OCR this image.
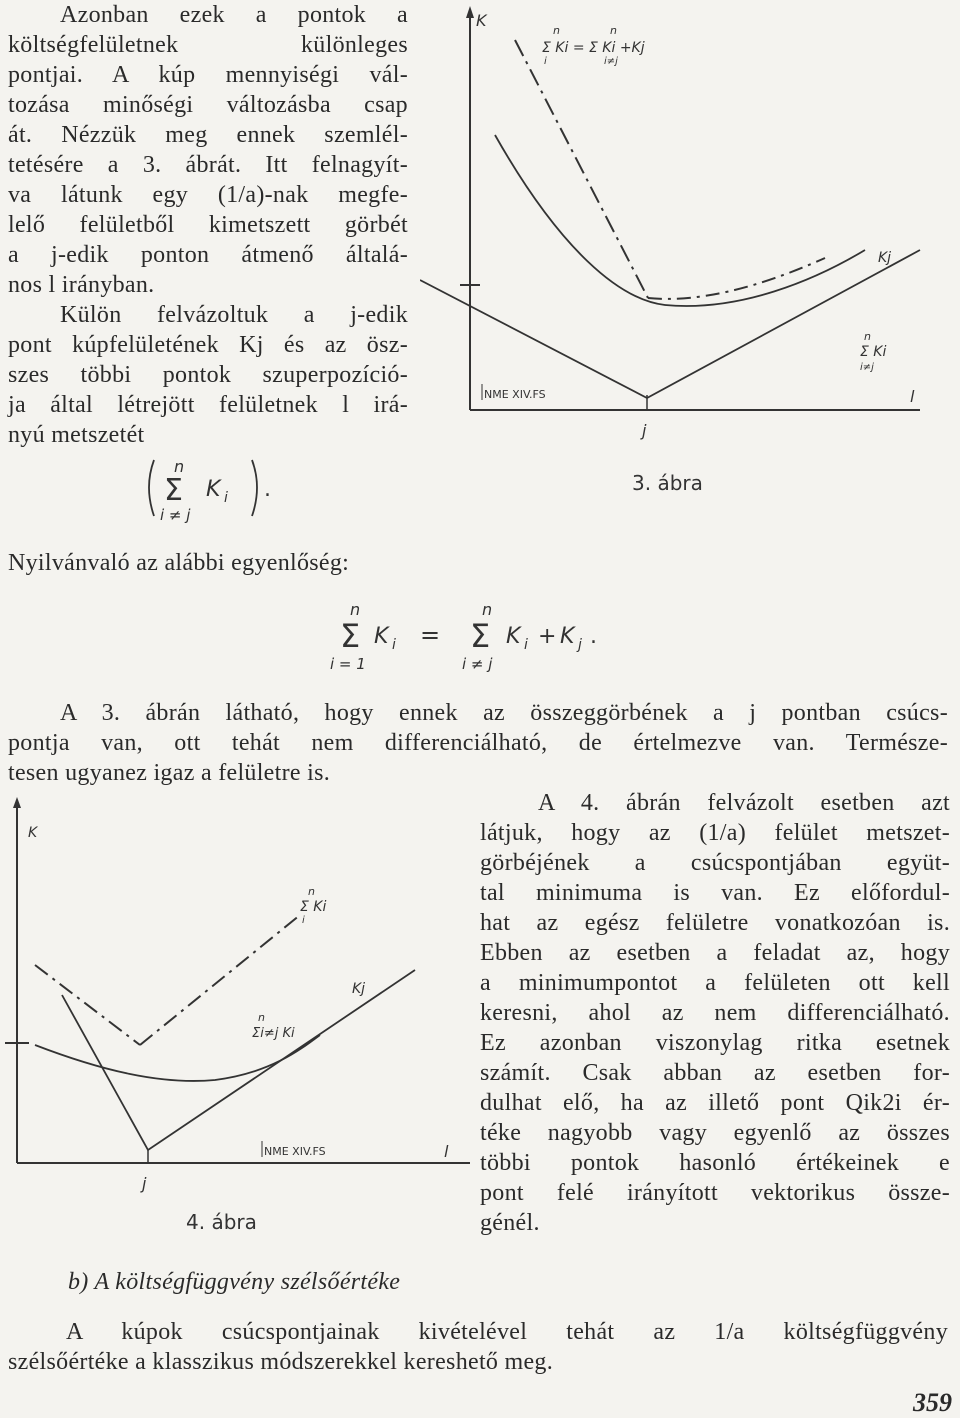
Azonban ezek a pontok a
költségfelületnek különleges
pontjai. A kúp mennyiségi vál-
tozása minőségi változásba csap
át. Nézzük meg ennek szemlél-
tetésére a 3. ábrát. Itt felnagyít-
va látunk egy (1/a)-nak megfe-
lelő felületből kimetszett görbét
a j-edik ponton átmenő általá-
nos l irányban.
Külön felvázoltuk a j-edik
pont kúpfelületének Kj és az ösz-
szes többi pontok szuperpozíció-
ja által létrejött felületnek l irá-
nyú metszetét
n
Σ
i ≠ j
K i .
Nyilvánvaló az alábbi egyenlőség:
n
Σ
i = 1
K i =
n
Σ
i ≠ j
K i + K j .
A 3. ábrán látható, hogy ennek az összeggörbének a j pontban csúcs-
pontja van, ott tehát nem differenciálható, de értelmezve van. Természe-
tesen ugyanez igaz a felületre is.
A 4. ábrán felvázolt esetben azt
látjuk, hogy az (1/a) felület metszet-
görbéjének a csúcspontjában együt-
tal minimuma is van. Ez előfordul-
hat az egész felületre vonatkozóan is.
Ebben az esetben a feladat az, hogy
a minimumpontot a felületen ott kell
keresni, ahol az nem differenciálható.
Ez azonban viszonylag ritka esetnek
számít. Csak abban az esetben for-
dulhat elő, ha az illető pont Qik2i ér-
téke nagyobb vagy egyenlő az összes
többi pontok hasonló értékeinek e
pont felé irányított vektorikus össze-
génél.
b) A költségfüggvény szélsőértéke
A kúpok csúcspontjainak kivételével tehát az 1/a költségfüggvény
szélsőértéke a klasszikus módszerekkel kereshető meg.
359
K
l
j
n	n
Σ Ki = Σ Ki +Kj
i	i≠j
Kj
n
Σ Ki
i≠j
NME XIV.FS
3. ábra
K
l
j
n
Σ Ki
i
Kj
n
Σi≠j Ki
NME XIV.FS
4. ábra
